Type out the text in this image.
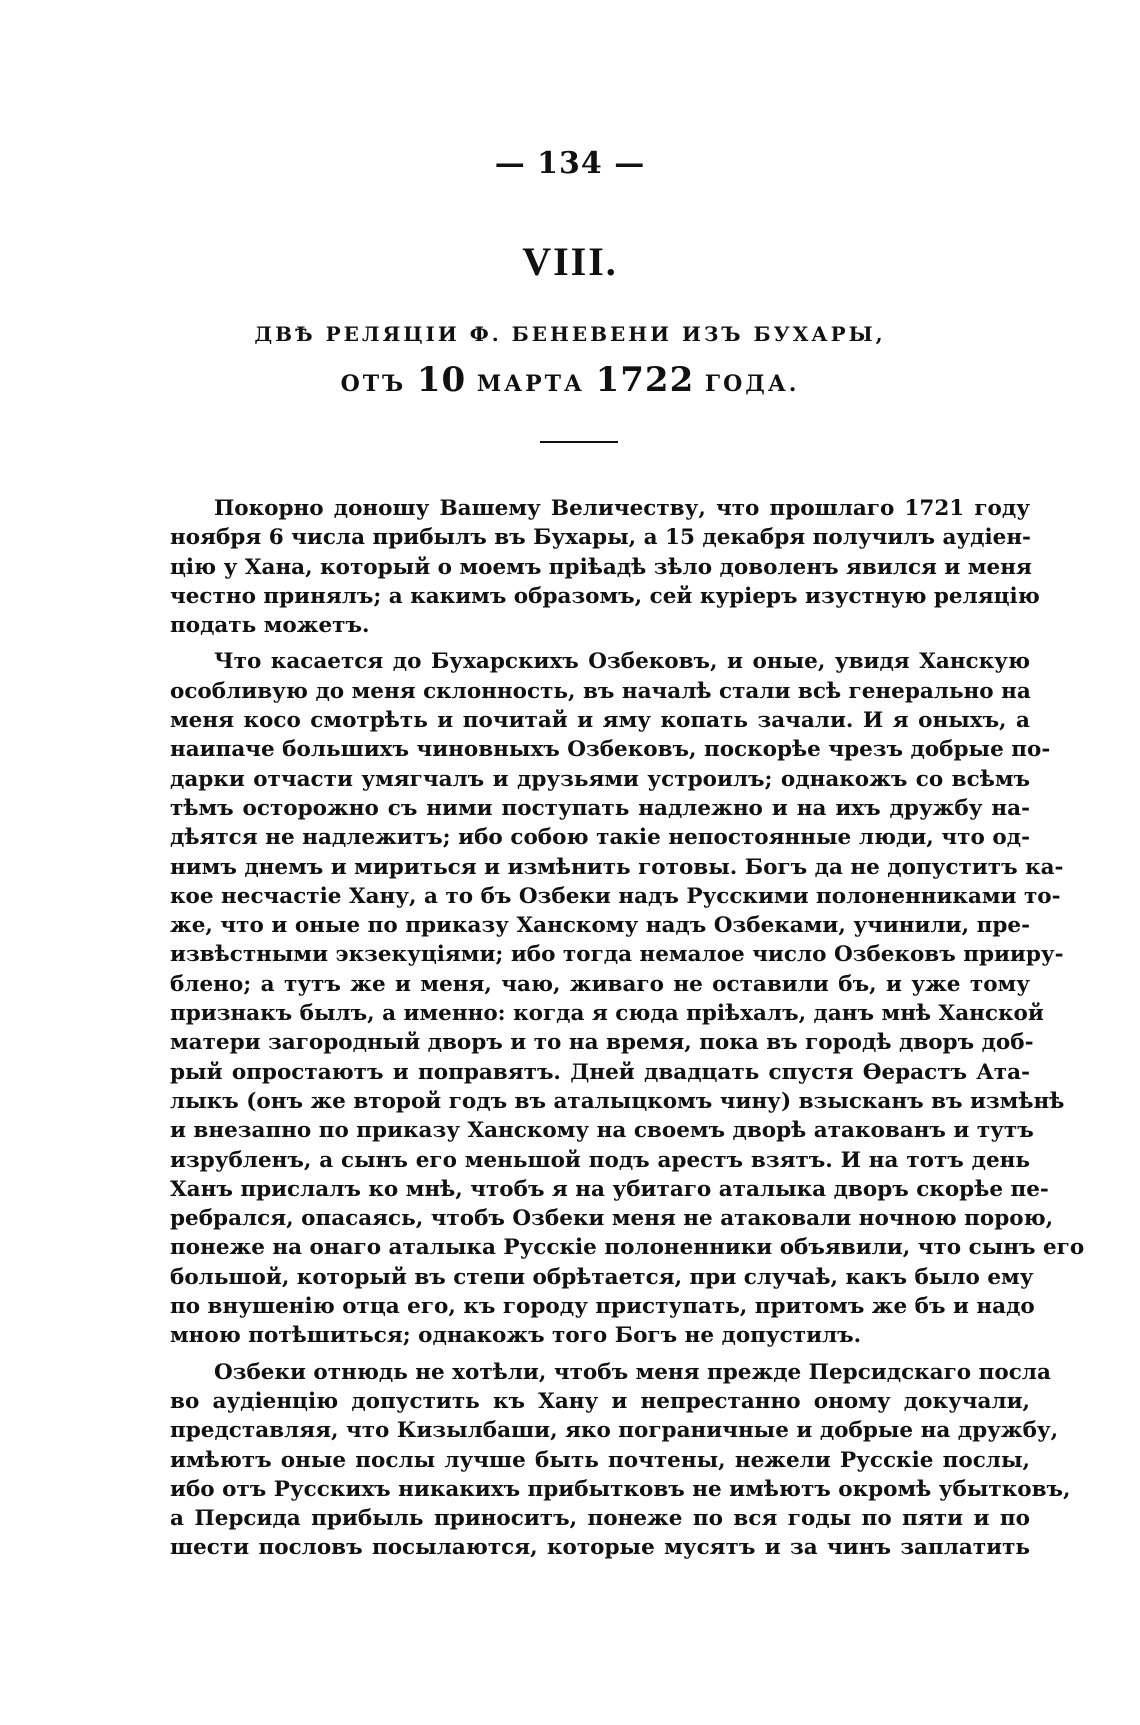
— 134 —
VIII.
ДВѢ РЕЛЯЦІИ Ф. БЕНЕВЕНИ ИЗЪ БУХАРЫ,
ОТЪ 10 МАРТА 1722 ГОДА.
Покорно доношу Вашему Величеству, что прошлаго 1721 году
ноября 6 числа прибылъ въ Бухары, а 15 декабря получилъ аудіен-
цію у Хана, который о моемъ пріѣадѣ зѣло доволенъ явился и меня
честно принялъ; а какимъ образомъ, сей куріеръ изустную реляцію
подать можетъ.
Что касается до Бухарскихъ Озбековъ, и оные, увидя Ханскую
особливую до меня склонность, въ началѣ стали всѣ генерально на
меня косо смотрѣть и почитай и яму копать зачали. И я оныхъ, а
наипаче большихъ чиновныхъ Озбековъ, поскорѣе чрезъ добрые по-
дарки отчасти умягчалъ и друзьями устроилъ; однакожъ со всѣмъ
тѣмъ осторожно съ ними поступать надлежно и на ихъ дружбу на-
дѣятся не надлежитъ; ибо собою такіе непостоянные люди, что од-
нимъ днемъ и мириться и измѣнить готовы. Богъ да не допуститъ ка-
кое несчастіе Хану, а то бъ Озбеки надъ Русскими полоненниками то-
же, что и оные по приказу Ханскому надъ Озбеками, учинили, пре-
извѣстными экзекуціями; ибо тогда немалое число Озбековъ прииру-
блено; а тутъ же и меня, чаю, живаго не оставили бъ, и уже тому
признакъ былъ, а именно: когда я сюда пріѣхалъ, данъ мнѣ Ханской
матери загородный дворъ и то на время, пока въ городѣ дворъ доб-
рый опростаютъ и поправятъ. Дней двадцать спустя Ѳерастъ Ата-
лыкъ (онъ же второй годъ въ аталыцкомъ чину) взысканъ въ измѣнѣ
и внезапно по приказу Ханскому на своемъ дворѣ атакованъ и тутъ
изрубленъ, а сынъ его меньшой подъ арестъ взятъ. И на тотъ день
Ханъ прислалъ ко мнѣ, чтобъ я на убитаго аталыка дворъ скорѣе пе-
ребрался, опасаясь, чтобъ Озбеки меня не атаковали ночною порою,
понеже на онаго аталыка Русскіе полоненники объявили, что сынъ его
большой, который въ степи обрѣтается, при случаѣ, какъ было ему
по внушенію отца его, къ городу приступать, притомъ же бъ и надо
мною потѣшиться; однакожъ того Богъ не допустилъ.
Озбеки отнюдь не хотѣли, чтобъ меня прежде Персидскаго посла
во аудіенцію допустить къ Хану и непрестанно оному докучали,
представляя, что Кизылбаши, яко пограничные и добрые на дружбу,
имѣютъ оные послы лучше быть почтены, нежели Русскіе послы,
ибо отъ Русскихъ никакихъ прибытковъ не имѣютъ окромѣ убытковъ,
а Персида прибыль приноситъ, понеже по вся годы по пяти и по
шести пословъ посылаются, которые мусятъ и за чинъ заплатить
